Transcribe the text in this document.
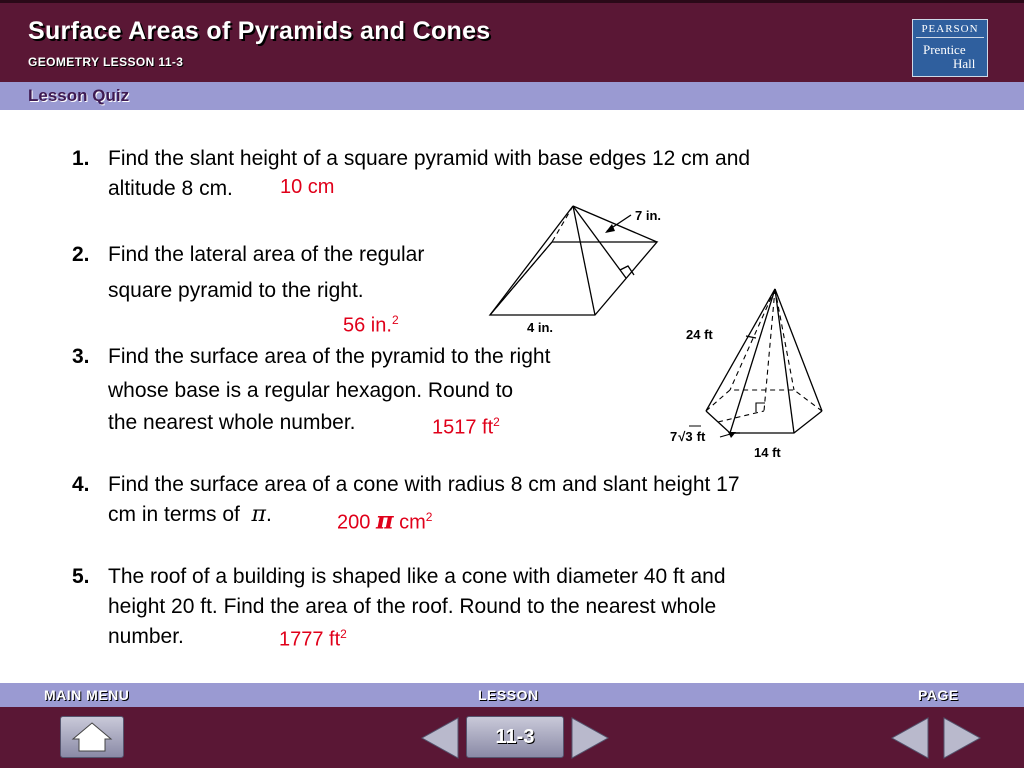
Surface Areas of Pyramids and Cones
GEOMETRY LESSON 11-3
PEARSON
Prentice
Hall
Lesson Quiz
1. Find the slant height of a square pyramid with base edges 12 cm and
altitude 8 cm. 10 cm
2. Find the lateral area of the regular
square pyramid to the right.
56 in.$^2$
3. Find the surface area of the pyramid to the right
whose base is a regular hexagon. Round to
the nearest whole number.	1517 $ft^2$
4. Find the surface area of a cone with radius 8 cm and slant height 17
cm in terms of π.	200 π $cm^2$
5. The roof of a building is shaped like a cone with diameter 40 ft and
height 20 ft. Find the area of the roof. Round to the nearest whole
number.	1777 $ft^2$
7 in.
4 in.	24 ft
7√3 ft
14 ft
MAIN MENU	LESSON	PAGE
11-3
